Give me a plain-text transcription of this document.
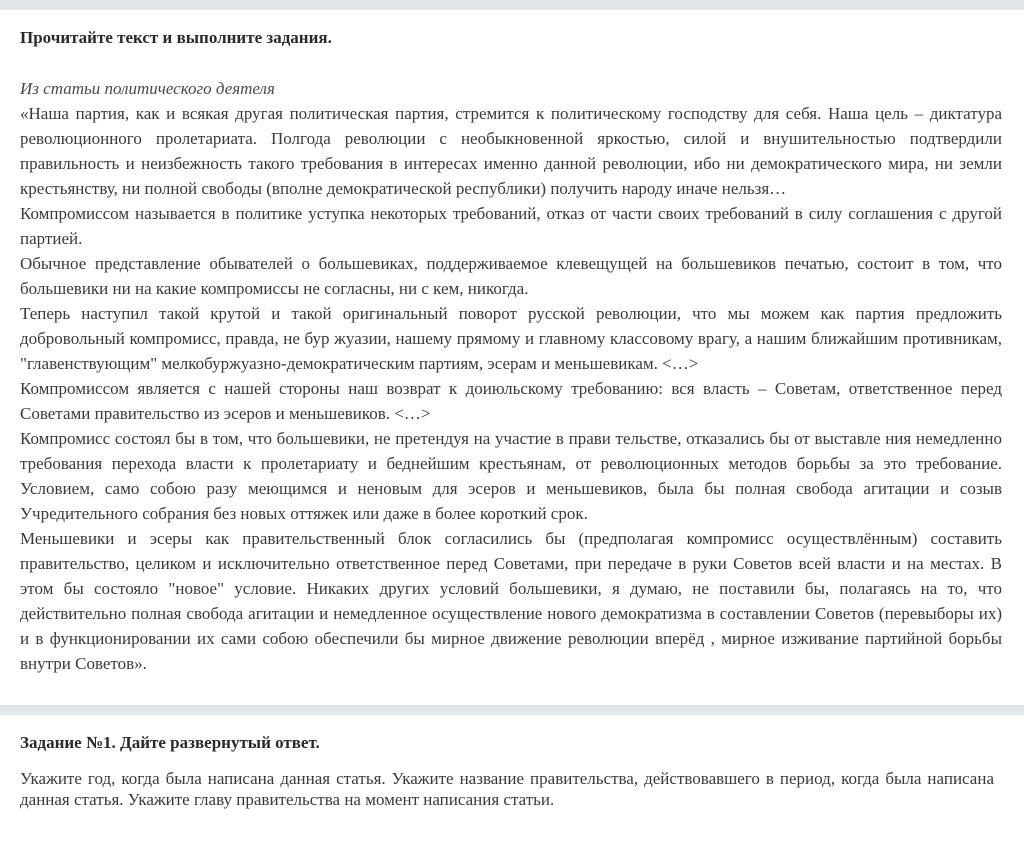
Прочитайте текст и выполните задания.

Из статьи политического деятеля

«Наша партия, как и всякая другая политическая партия, стремится к политическому господству для себя. Наша цель – диктатура революционного пролетариата. Полгода революции с необыкновенной яркостью, силой и внушительностью подтвердили правильность и неизбежность такого требования в интересах именно данной революции, ибо ни демократического мира, ни земли крестьянству, ни полной свободы (вполне демократической республики) получить народу иначе нельзя…

Компромиссом называется в политике уступка некоторых требований, отказ от части своих требований в силу соглашения с другой партией.

Обычное представление обывателей о большевиках, поддерживаемое клевещущей на большевиков печатью, состоит в том, что большевики ни на какие компромиссы не согласны, ни с кем, никогда.

Теперь наступил такой крутой и такой оригинальный поворот русской революции, что мы можем как партия предложить добровольный компромисс, правда, не бур жуазии, нашему прямому и главному классовому врагу, а нашим ближайшим противникам, "главенствующим" мелкобуржуазно-демократическим партиям, эсерам и меньшевикам. <…>

Компромиссом является с нашей стороны наш возврат к доиюльскому требованию: вся власть – Советам, ответственное перед Советами правительство из эсеров и меньшевиков. <…>

Компромисс состоял бы в том, что большевики, не претендуя на участие в прави тельстве, отказались бы от выставле ния немедленно требования перехода власти к пролетариату и беднейшим крестьянам, от революционных методов борьбы за это требование. Условием, само собою разу меющимся и неновым для эсеров и меньшевиков, была бы полная свобода агитации и созыв Учредительного собрания без новых оттяжек или даже в более короткий срок.

Меньшевики и эсеры как правительственный блок согласились бы (предполагая компромисс осуществлённым) составить правительство, целиком и исключительно ответственное перед Советами, при передаче в руки Советов всей власти и на местах. В этом бы состояло "новое" условие. Никаких других условий большевики, я думаю, не поставили бы, полагаясь на то, что действительно полная свобода агитации и немедленное осуществление нового демократизма в составлении Советов (перевыборы их) и в функционировании их сами собою обеспечили бы мирное движение революции вперёд , мирное изживание партийной борьбы внутри Советов».

Задание №1. Дайте развернутый ответ.

Укажите год, когда была написана данная статья. Укажите название правительства, действовавшего в период, когда была написана данная статья. Укажите главу правительства на момент написания статьи.
